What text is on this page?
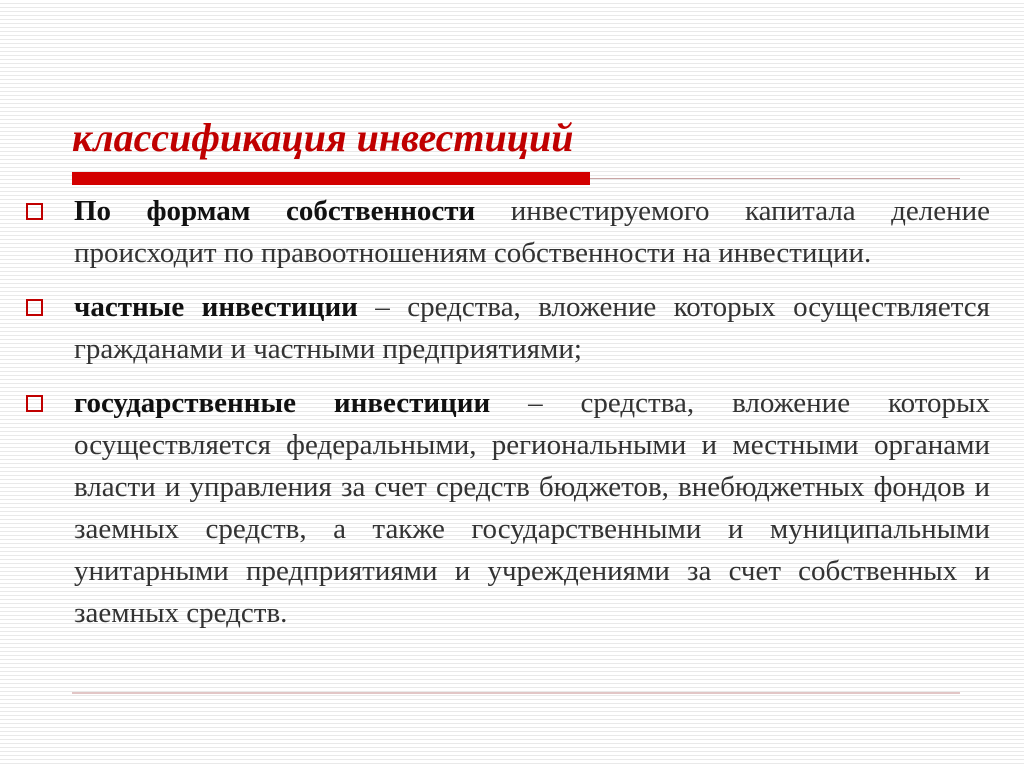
классификация инвестиций
По формам собственности инвестируемого капитала деление происходит по правоотношениям собственности на инвестиции.
частные инвестиции – средства, вложение которых осуществляется гражданами и частными предприятиями;
государственные инвестиции – средства, вложение которых осуществляется федеральными, региональными и местными органами власти и управления за счет средств бюджетов, внебюджетных фондов и заемных средств, а также государственными и муниципальными унитарными предприятиями и учреждениями за счет собственных и заемных средств.
